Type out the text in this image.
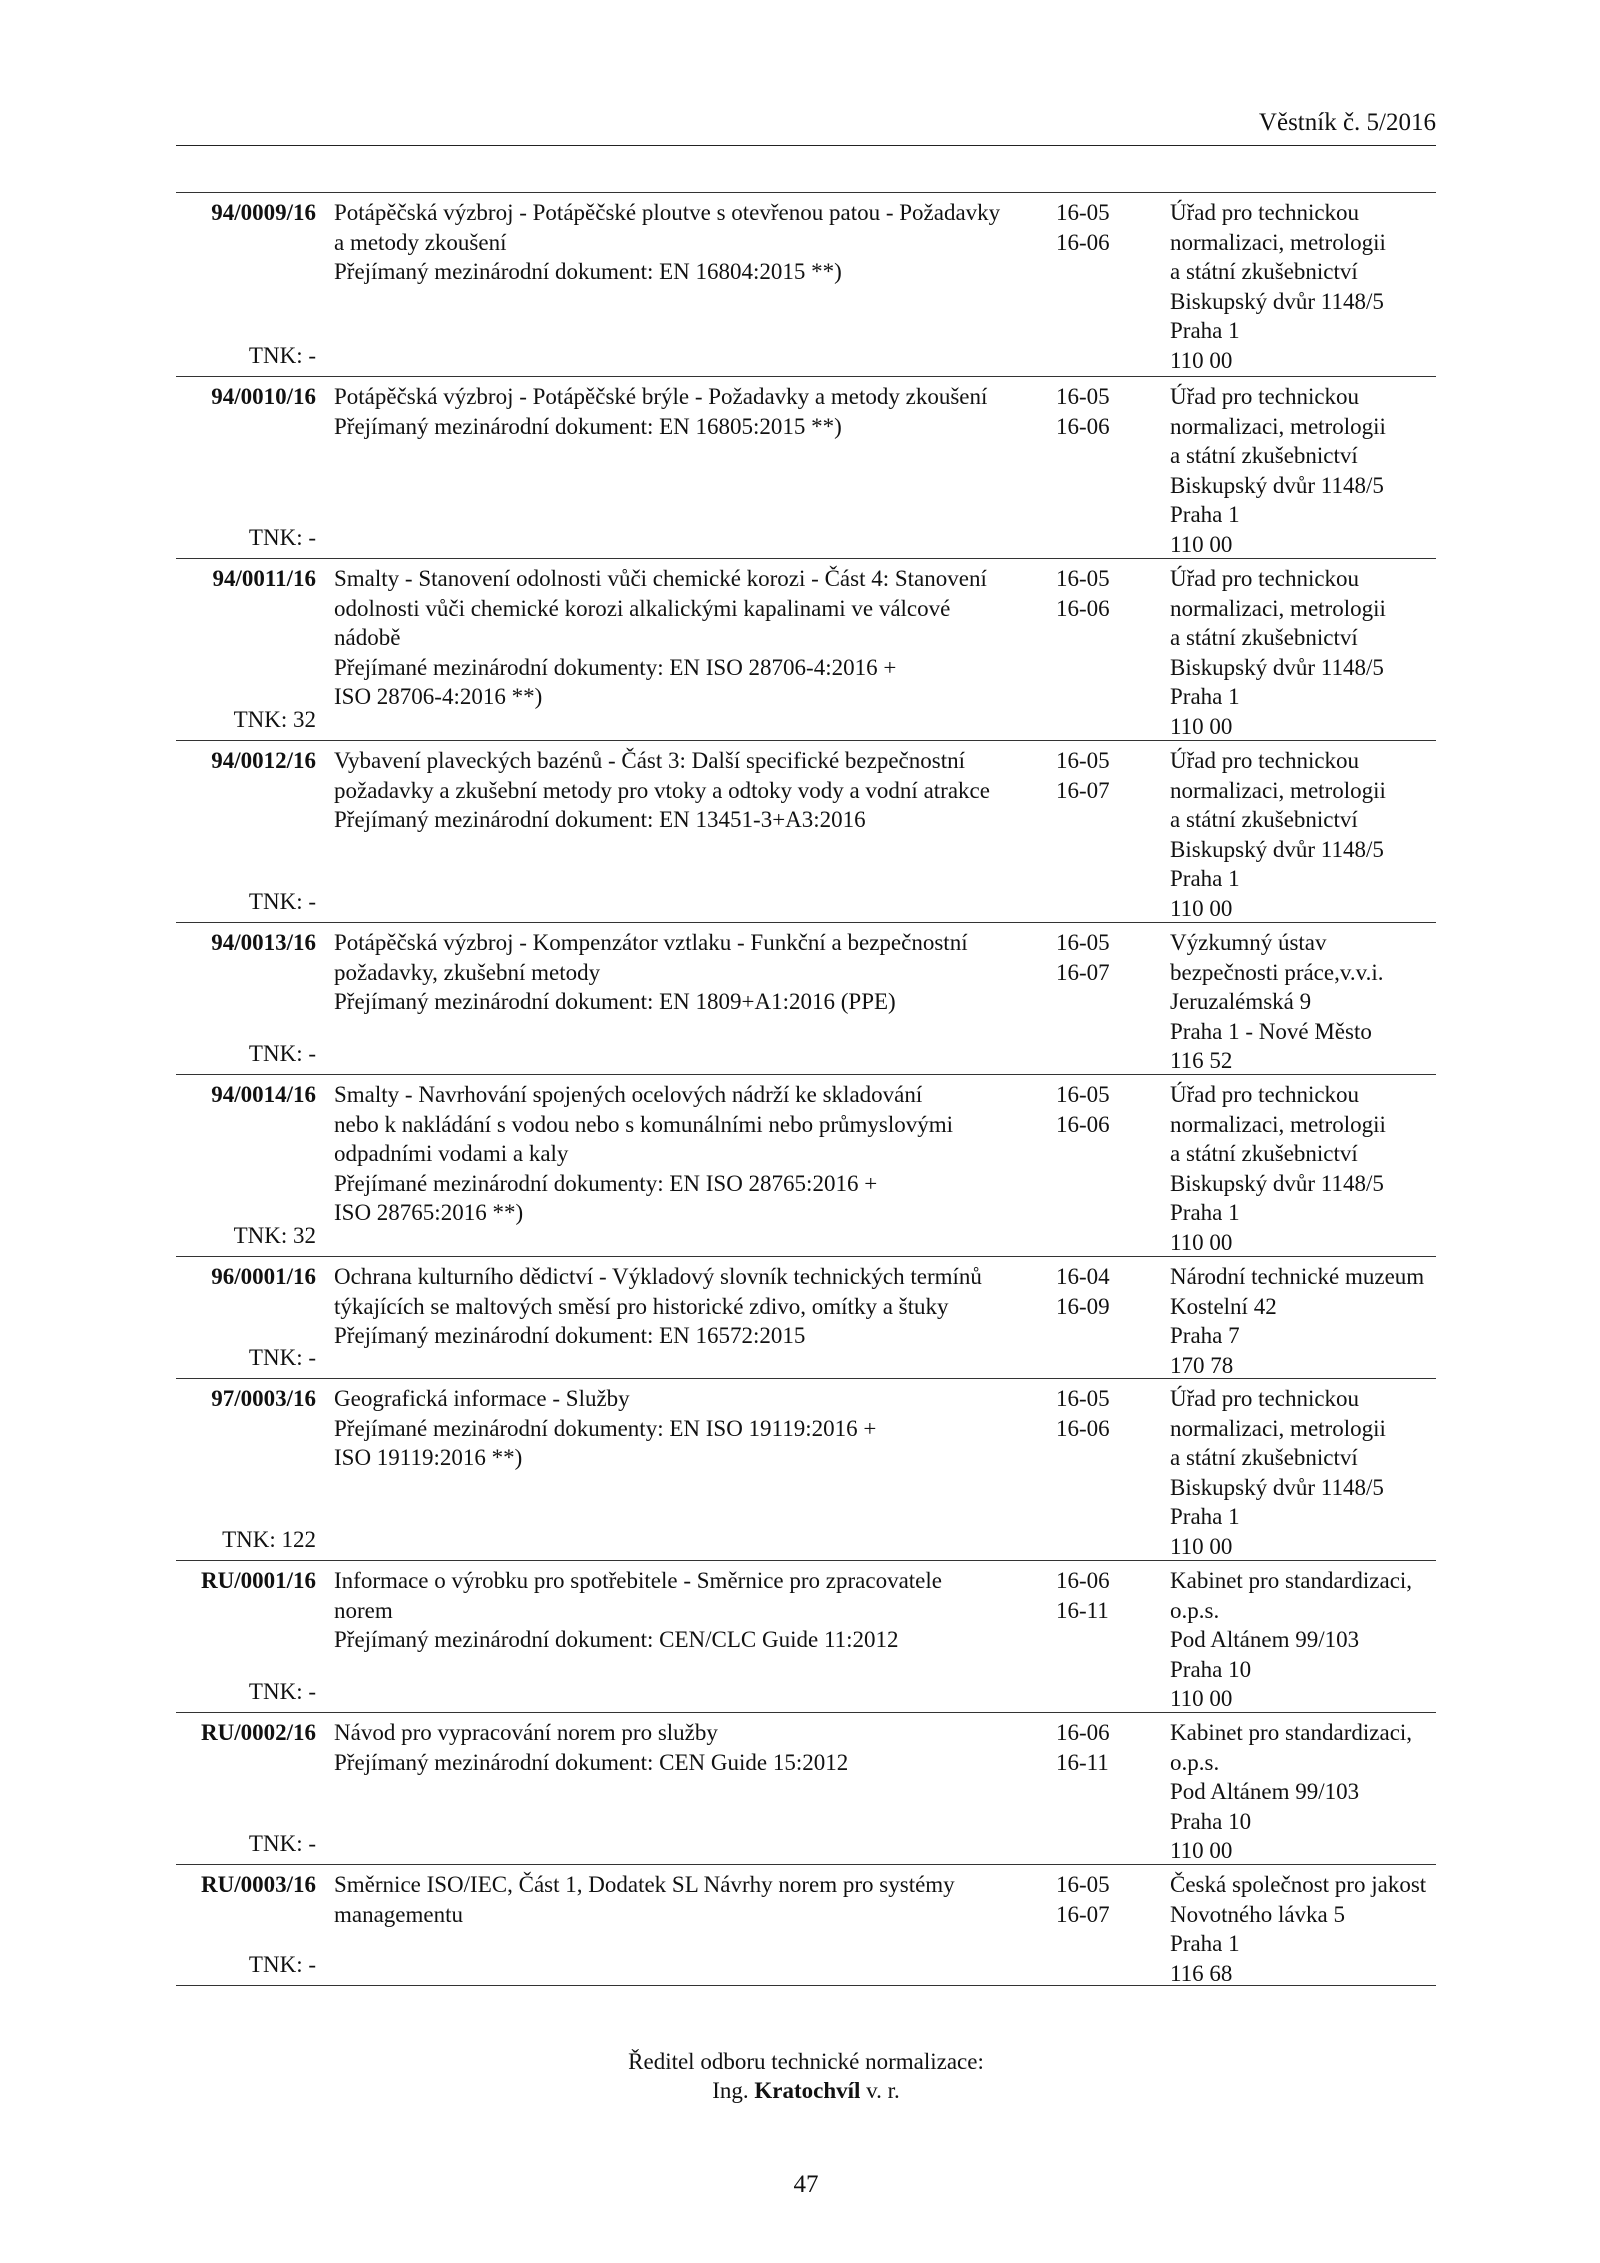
Věstník č. 5/2016
94/0009/16
TNK: -
Potápěčská výzbroj - Potápěčské ploutve s otevřenou patou - Požadavky
a metody zkoušení
Přejímaný mezinárodní dokument: EN 16804:2015 **)
16-05
16-06
Úřad pro technickou
normalizaci, metrologii
a státní zkušebnictví
Biskupský dvůr 1148/5
Praha 1
110 00
94/0010/16
TNK: -
Potápěčská výzbroj - Potápěčské brýle - Požadavky a metody zkoušení
Přejímaný mezinárodní dokument: EN 16805:2015 **)
16-05
16-06
Úřad pro technickou
normalizaci, metrologii
a státní zkušebnictví
Biskupský dvůr 1148/5
Praha 1
110 00
94/0011/16
TNK: 32
Smalty - Stanovení odolnosti vůči chemické korozi - Část 4: Stanovení
odolnosti vůči chemické korozi alkalickými kapalinami ve válcové
nádobě
Přejímané mezinárodní dokumenty: EN ISO 28706-4:2016 +
ISO 28706-4:2016 **)
16-05
16-06
Úřad pro technickou
normalizaci, metrologii
a státní zkušebnictví
Biskupský dvůr 1148/5
Praha 1
110 00
94/0012/16
TNK: -
Vybavení plaveckých bazénů - Část 3: Další specifické bezpečnostní
požadavky a zkušební metody pro vtoky a odtoky vody a vodní atrakce
Přejímaný mezinárodní dokument: EN 13451-3+A3:2016
16-05
16-07
Úřad pro technickou
normalizaci, metrologii
a státní zkušebnictví
Biskupský dvůr 1148/5
Praha 1
110 00
94/0013/16
TNK: -
Potápěčská výzbroj - Kompenzátor vztlaku - Funkční a bezpečnostní
požadavky, zkušební metody
Přejímaný mezinárodní dokument: EN 1809+A1:2016 (PPE)
16-05
16-07
Výzkumný ústav
bezpečnosti práce,v.v.i.
Jeruzalémská 9
Praha 1 - Nové Město
116 52
94/0014/16
TNK: 32
Smalty - Navrhování spojených ocelových nádrží ke skladování
nebo k nakládání s vodou nebo s komunálními nebo průmyslovými
odpadními vodami a kaly
Přejímané mezinárodní dokumenty: EN ISO 28765:2016 +
ISO 28765:2016 **)
16-05
16-06
Úřad pro technickou
normalizaci, metrologii
a státní zkušebnictví
Biskupský dvůr 1148/5
Praha 1
110 00
96/0001/16
TNK: -
Ochrana kulturního dědictví - Výkladový slovník technických termínů
týkajících se maltových směsí pro historické zdivo, omítky a štuky
Přejímaný mezinárodní dokument: EN 16572:2015
16-04
16-09
Národní technické muzeum
Kostelní 42
Praha 7
170 78
97/0003/16
TNK: 122
Geografická informace - Služby
Přejímané mezinárodní dokumenty: EN ISO 19119:2016 +
ISO 19119:2016 **)
16-05
16-06
Úřad pro technickou
normalizaci, metrologii
a státní zkušebnictví
Biskupský dvůr 1148/5
Praha 1
110 00
RU/0001/16
TNK: -
Informace o výrobku pro spotřebitele - Směrnice pro zpracovatele
norem
Přejímaný mezinárodní dokument: CEN/CLC Guide 11:2012
16-06
16-11
Kabinet pro standardizaci,
o.p.s.
Pod Altánem 99/103
Praha 10
110 00
RU/0002/16
TNK: -
Návod pro vypracování norem pro služby
Přejímaný mezinárodní dokument: CEN Guide 15:2012
16-06
16-11
Kabinet pro standardizaci,
o.p.s.
Pod Altánem 99/103
Praha 10
110 00
RU/0003/16
TNK: -
Směrnice ISO/IEC, Část 1, Dodatek SL Návrhy norem pro systémy
managementu
16-05
16-07
Česká společnost pro jakost
Novotného lávka 5
Praha 1
116 68
Ředitel odboru technické normalizace:
Ing. Kratochvíl v. r.
47
